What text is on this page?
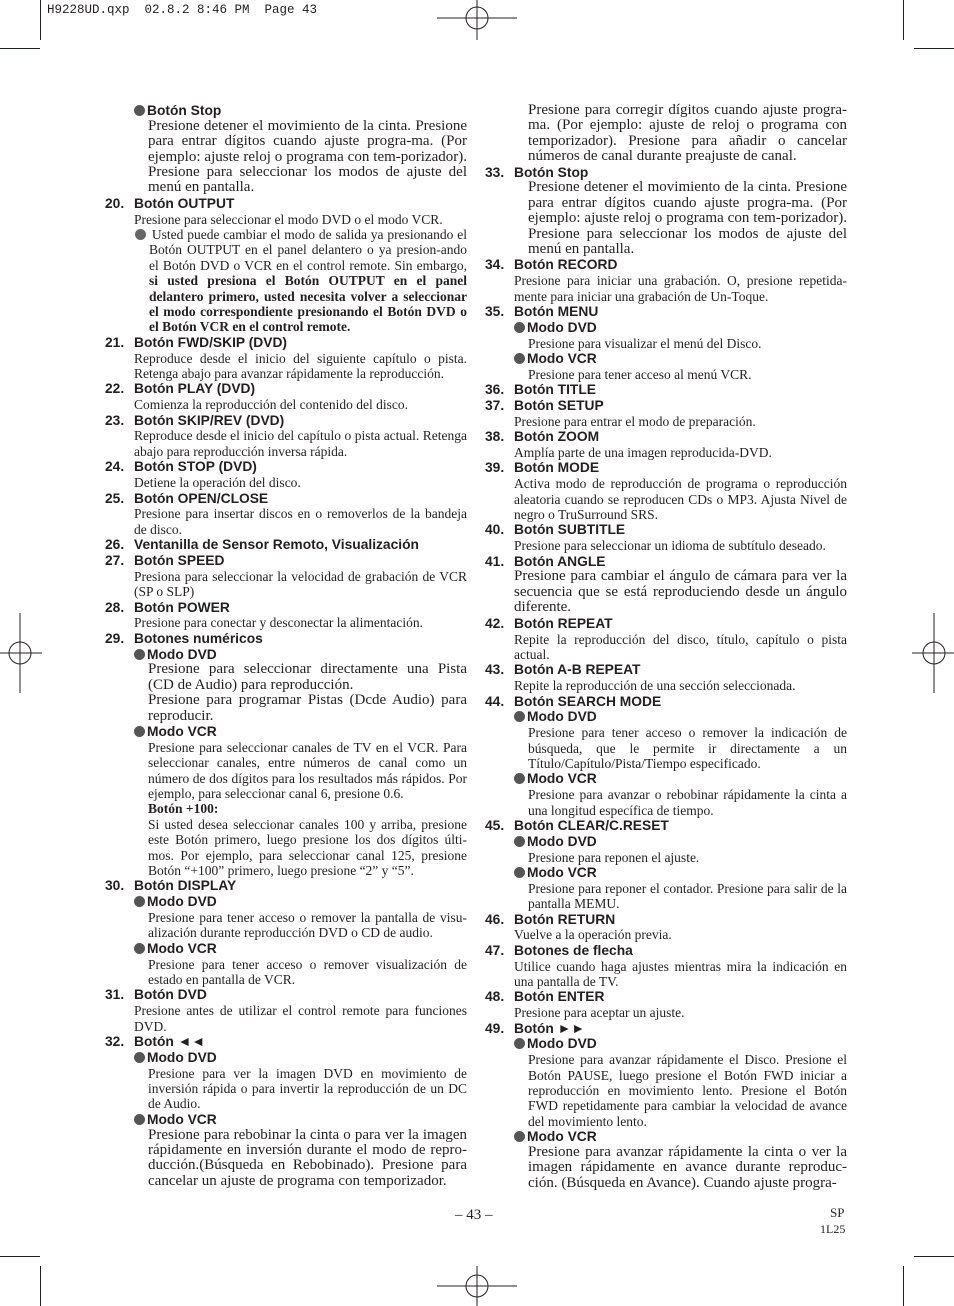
H9228UD.qxp  02.8.2 8:46 PM  Page 43
Botón Stop
Presione detener el movimiento de la cinta. Presione para entrar dígitos cuando ajuste progra-ma. (Por ejemplo: ajuste reloj o programa con tem-porizador). Presione para seleccionar los modos de ajuste del menú en pantalla.
20. Botón OUTPUT
Presione para seleccionar el modo DVD o el modo VCR.
Usted puede cambiar el modo de salida ya presionando el Botón OUTPUT en el panel delantero o ya presion-ando el Botón DVD o VCR en el control remote. Sin embargo, si usted presiona el Botón OUTPUT en el panel delantero primero, usted necesita volver a seleccionar el modo correspondiente presionando el Botón DVD o el Botón VCR en el control remote.
21. Botón FWD/SKIP (DVD)
Reproduce desde el inicio del siguiente capítulo o pista. Retenga abajo para avanzar rápidamente la reproducción.
22. Botón PLAY (DVD)
Comienza la reproducción del contenido del disco.
23. Botón SKIP/REV (DVD)
Reproduce desde el inicio del capítulo o pista actual. Retenga abajo para reproducción inversa rápida.
24. Botón STOP (DVD)
Detiene la operación del disco.
25. Botón OPEN/CLOSE
Presione para insertar discos en o removerlos de la bandeja de disco.
26. Ventanilla de Sensor Remoto, Visualización
27. Botón SPEED
Presiona para seleccionar la velocidad de grabación de VCR (SP o SLP)
28. Botón POWER
Presione para conectar y desconectar la alimentación.
29. Botones numéricos
Modo DVD
Presione para seleccionar directamente una Pista (CD de Audio) para reproducción.
Presione para programar Pistas (Dcde Audio) para reproducir.
Modo VCR
Presione para seleccionar canales de TV en el VCR. Para seleccionar canales, entre números de canal como un número de dos dígitos para los resultados más rápidos. Por ejemplo, para seleccionar canal 6, presione 0.6.
Botón +100:
Si usted desea seleccionar canales 100 y arriba, presione este Botón primero, luego presione los dos dígitos últi-mos. Por ejemplo, para seleccionar canal 125, presione Botón “+100” primero, luego presione “2” y “5”.
30. Botón DISPLAY
Modo DVD
Presione para tener acceso o remover la pantalla de visu-alización durante reproducción DVD o CD de audio.
Modo VCR
Presione para tener acceso o remover visualización de estado en pantalla de VCR.
31. Botón DVD
Presione antes de utilizar el control remote para funciones DVD.
32. Botón ◄◄
Modo DVD
Presione para ver la imagen DVD en movimiento de inversión rápida o para invertir la reproducción de un DC de Audio.
Modo VCR
Presione para rebobinar la cinta o para ver la imagen rápidamente en inversión durante el modo de repro-ducción.(Búsqueda en Rebobinado). Presione para cancelar un ajuste de programa con temporizador.
Presione para corregir dígitos cuando ajuste progra-ma. (Por ejemplo: ajuste de reloj o programa con temporizador). Presione para añadir o cancelar números de canal durante preajuste de canal.
33. Botón Stop
Presione detener el movimiento de la cinta. Presione para entrar dígitos cuando ajuste progra-ma. (Por ejemplo: ajuste reloj o programa con tem-porizador). Presione para seleccionar los modos de ajuste del menú en pantalla.
34. Botón RECORD
Presione para iniciar una grabación. O, presione repetida-mente para iniciar una grabación de Un-Toque.
35. Botón MENU
Modo DVD
Presione para visualizar el menú del Disco.
Modo VCR
Presione para tener acceso al menú VCR.
36. Botón TITLE
37. Botón SETUP
Presione para entrar el modo de preparación.
38. Botón ZOOM
Amplía parte de una imagen reproducida-DVD.
39. Botón MODE
Activa modo de reproducción de programa o reproducción aleatoria cuando se reproducen CDs o MP3. Ajusta Nivel de negro o TruSurround SRS.
40. Botón SUBTITLE
Presione para seleccionar un idioma de subtítulo deseado.
41. Botón ANGLE
Presione para cambiar el ángulo de cámara para ver la secuencia que se está reproduciendo desde un ángulo diferente.
42. Botón REPEAT
Repite la reproducción del disco, título, capítulo o pista actual.
43. Botón A-B REPEAT
Repite la reproducción de una sección seleccionada.
44. Botón SEARCH MODE
Modo DVD
Presione para tener acceso o remover la indicación de búsqueda, que le permite ir directamente a un Título/Capítulo/Pista/Tiempo especificado.
Modo VCR
Presione para avanzar o rebobinar rápidamente la cinta a una longitud específica de tiempo.
45. Botón CLEAR/C.RESET
Modo DVD
Presione para reponen el ajuste.
Modo VCR
Presione para reponer el contador. Presione para salir de la pantalla MEMU.
46. Botón RETURN
Vuelve a la operación previa.
47. Botones de flecha
Utilice cuando haga ajustes mientras mira la indicación en una pantalla de TV.
48. Botón ENTER
Presione para aceptar un ajuste.
49. Botón ►►
Modo DVD
Presione para avanzar rápidamente el Disco. Presione el Botón PAUSE, luego presione el Botón FWD iniciar a reproducción en movimiento lento. Presione el Botón FWD repetidamente para cambiar la velocidad de avance del movimiento lento.
Modo VCR
Presione para avanzar rápidamente la cinta o ver la imagen rápidamente en avance durante reproduc-ción. (Búsqueda en Avance). Cuando ajuste progra-
– 43 –	SP
1L25
